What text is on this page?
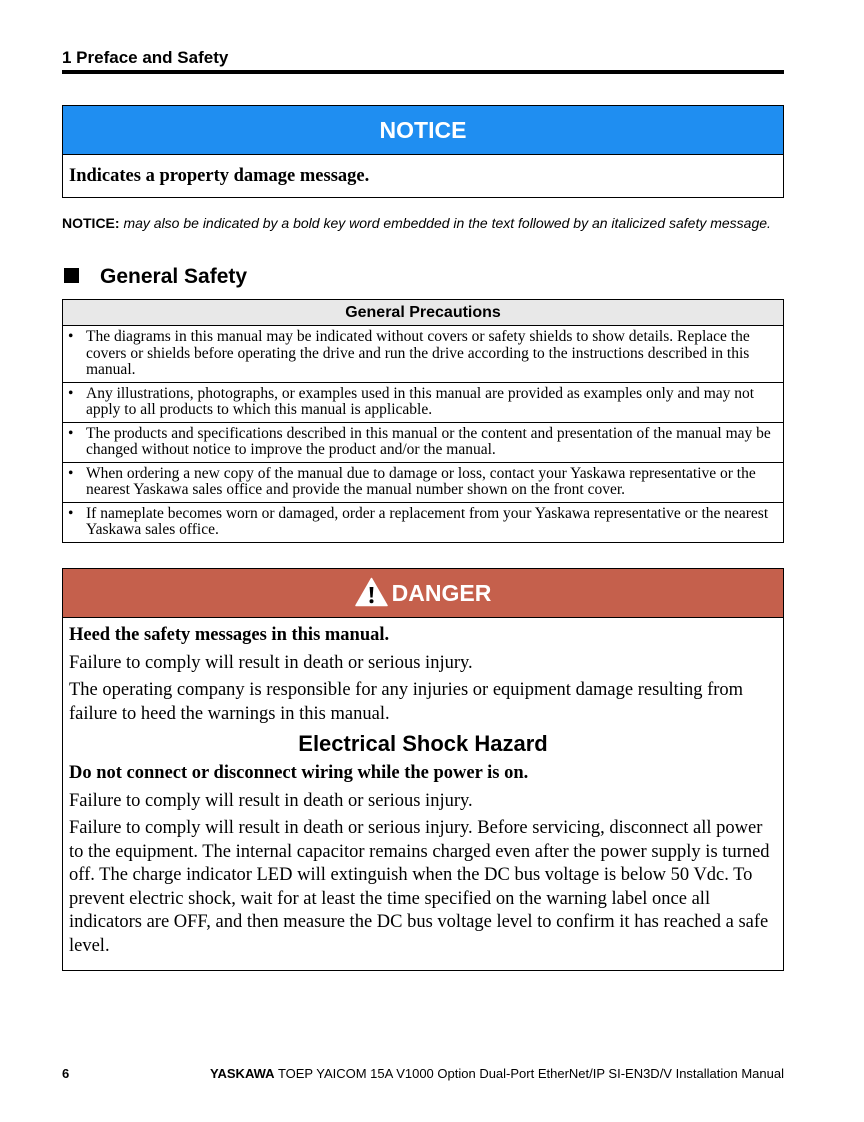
1 Preface and Safety
NOTICE
Indicates a property damage message.
NOTICE: may also be indicated by a bold key word embedded in the text followed by an italicized safety message.
General Safety
General Precautions
• The diagrams in this manual may be indicated without covers or safety shields to show details. Replace the covers or shields before operating the drive and run the drive according to the instructions described in this manual.
• Any illustrations, photographs, or examples used in this manual are provided as examples only and may not apply to all products to which this manual is applicable.
• The products and specifications described in this manual or the content and presentation of the manual may be changed without notice to improve the product and/or the manual.
• When ordering a new copy of the manual due to damage or loss, contact your Yaskawa representative or the nearest Yaskawa sales office and provide the manual number shown on the front cover.
• If nameplate becomes worn or damaged, order a replacement from your Yaskawa representative or the nearest Yaskawa sales office.
DANGER

Heed the safety messages in this manual.

Failure to comply will result in death or serious injury.

The operating company is responsible for any injuries or equipment damage resulting from failure to heed the warnings in this manual.

Electrical Shock Hazard

Do not connect or disconnect wiring while the power is on.

Failure to comply will result in death or serious injury.

Failure to comply will result in death or serious injury. Before servicing, disconnect all power to the equipment. The internal capacitor remains charged even after the power supply is turned off. The charge indicator LED will extinguish when the DC bus voltage is below 50 Vdc. To prevent electric shock, wait for at least the time specified on the warning label once all indicators are OFF, and then measure the DC bus voltage level to confirm it has reached a safe level.

6	YASKAWA TOEP YAICOM 15A V1000 Option Dual-Port EtherNet/IP SI-EN3D/V Installation Manual
